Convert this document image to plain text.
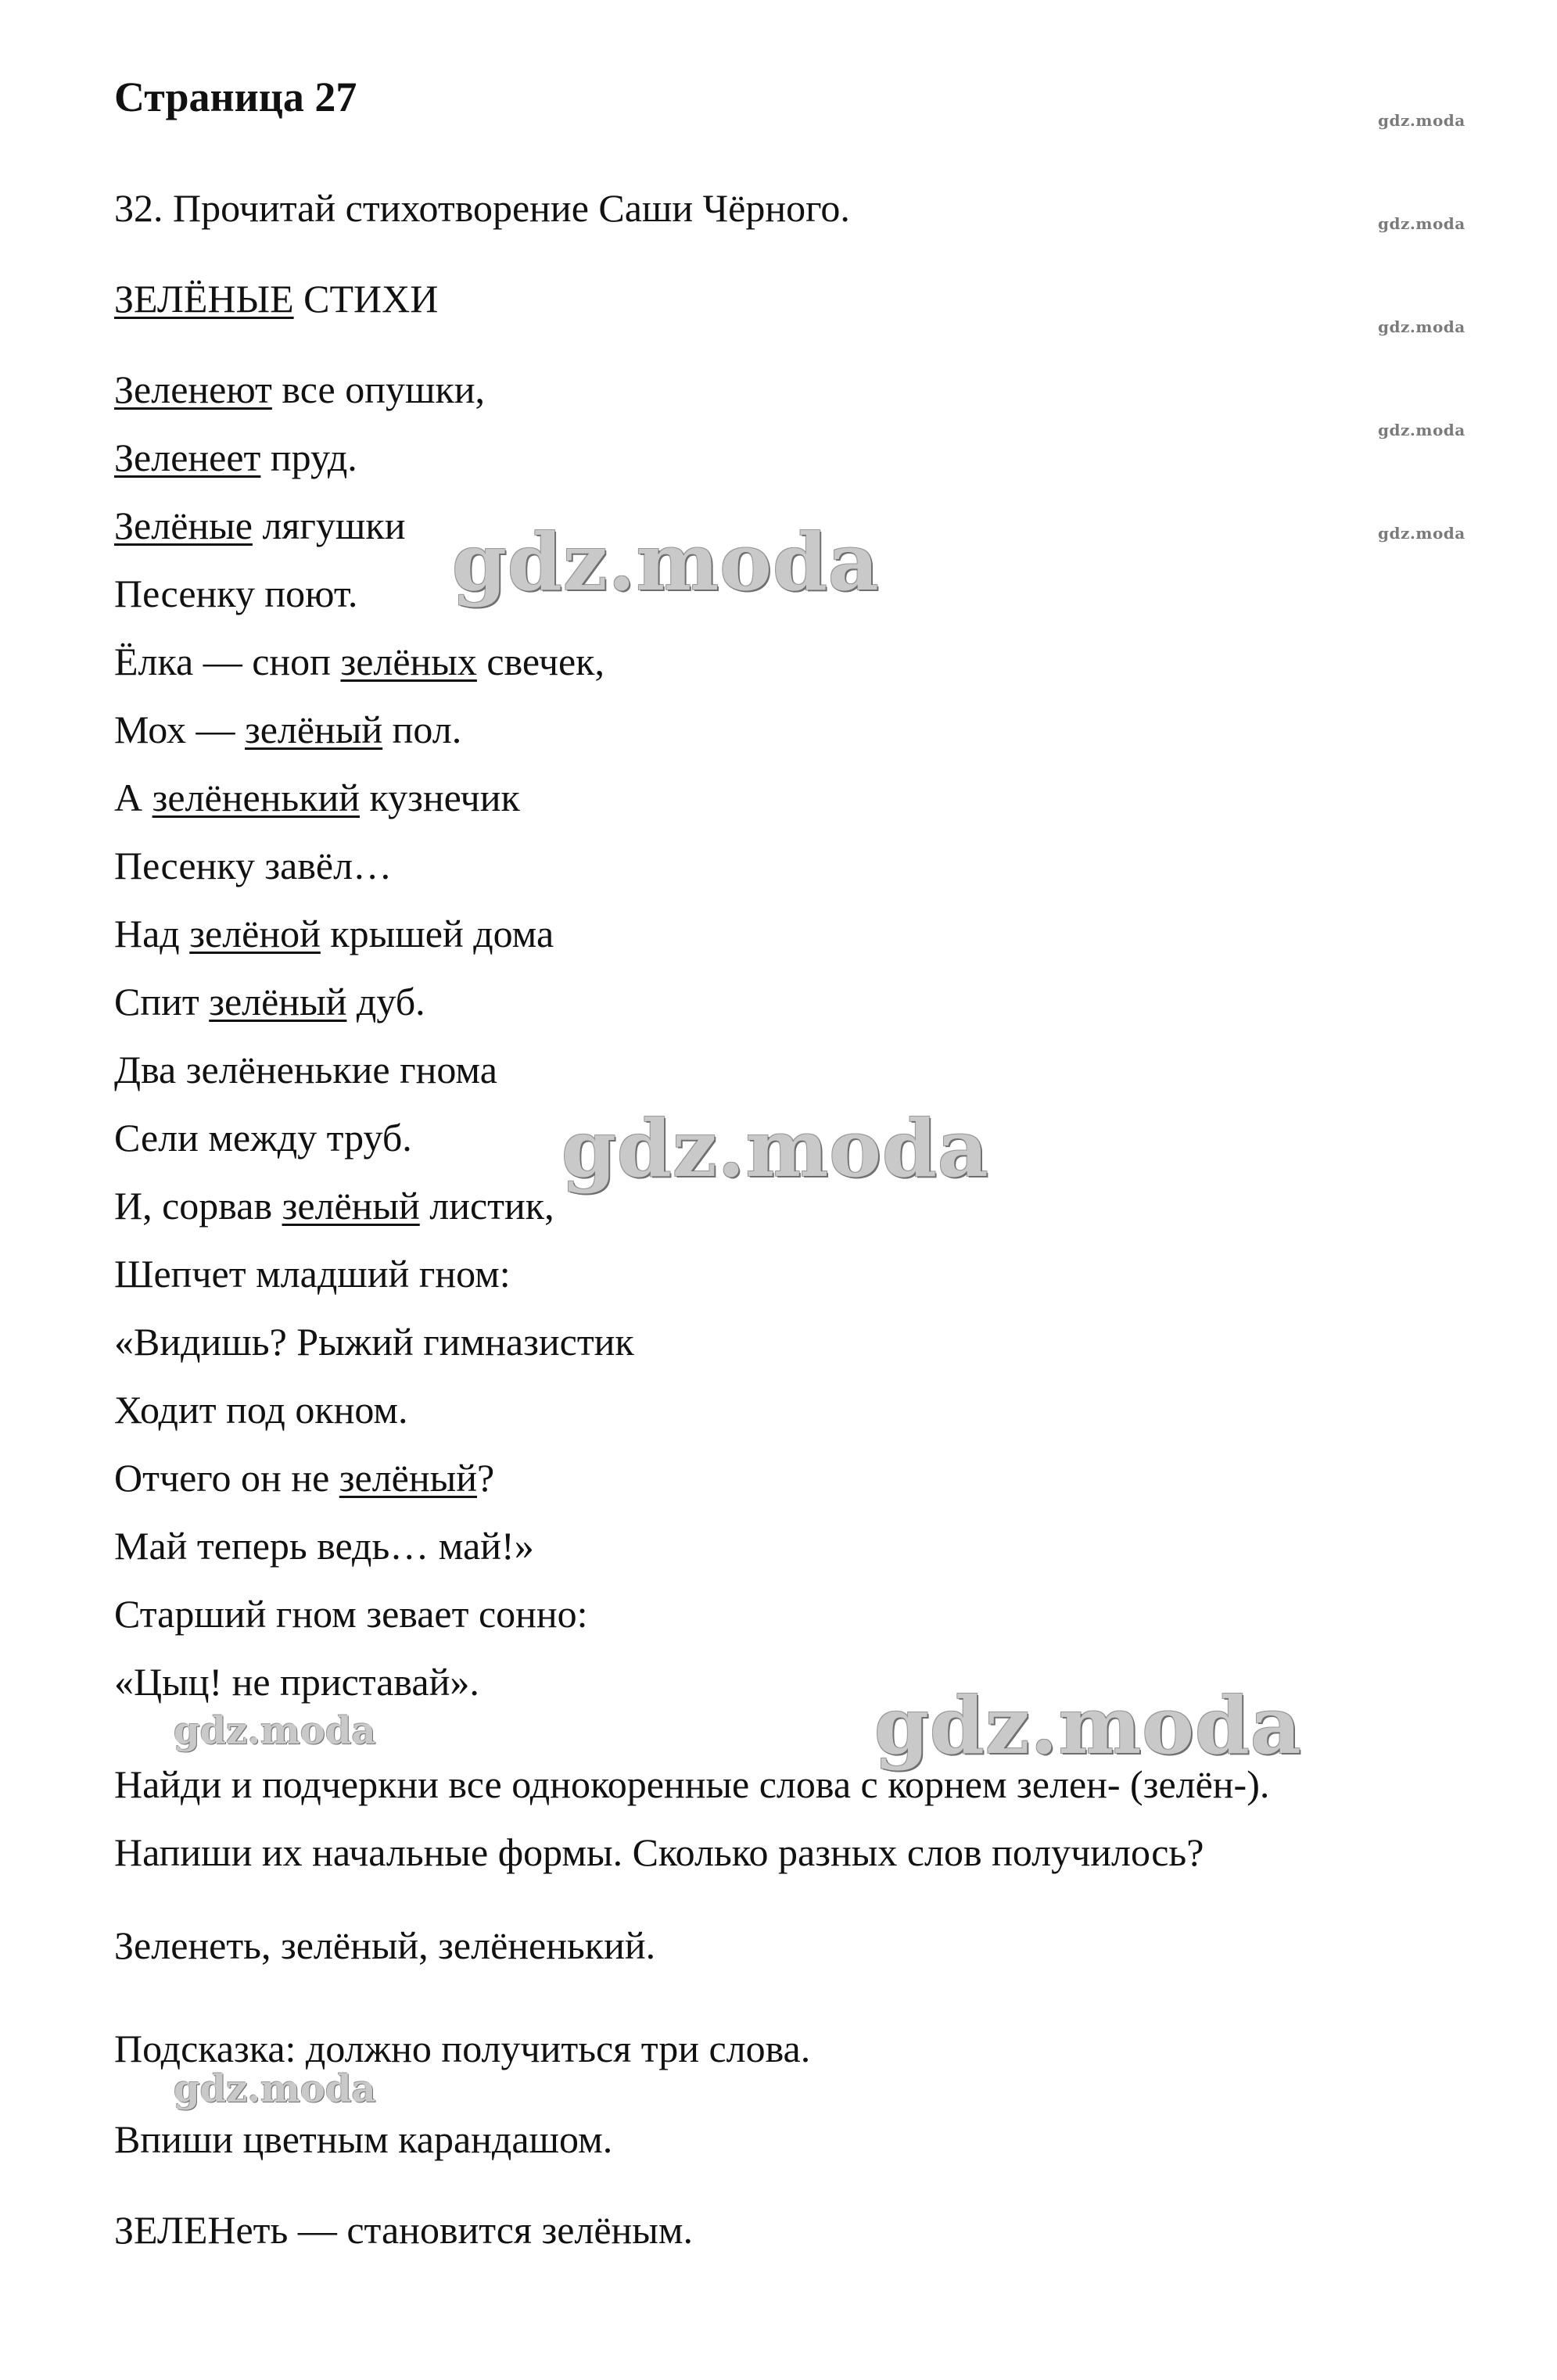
Страница 27
32. Прочитай стихотворение Саши Чёрного.
ЗЕЛЁНЫЕ СТИХИ
Зеленеют все опушки,
Зеленеет пруд.
Зелёные лягушки
Песенку поют.
Ёлка — сноп зелёных свечек,
Мох — зелёный пол.
А зелёненький кузнечик
Песенку завёл…
Над зелёной крышей дома
Спит зелёный дуб.
Два зелёненькие гнома
Сели между труб.
И, сорвав зелёный листик,
Шепчет младший гном:
«Видишь? Рыжий гимназистик
Ходит под окном.
Отчего он не зелёный?
Май теперь ведь… май!»
Старший гном зевает сонно:
«Цыц! не приставай».
Найди и подчеркни все однокоренные слова с корнем зелен- (зелён-).
Напиши их начальные формы. Сколько разных слов получилось?
Зеленеть, зелёный, зелёненький.
Подсказка: должно получиться три слова.
Впиши цветным карандашом.
ЗЕЛЕНеть — становится зелёным.
gdz.moda
gdz.moda
gdz.moda
gdz.moda
gdz.moda
gdz.moda
gdz.moda
gdz.moda
gdz.moda
gdz.moda
